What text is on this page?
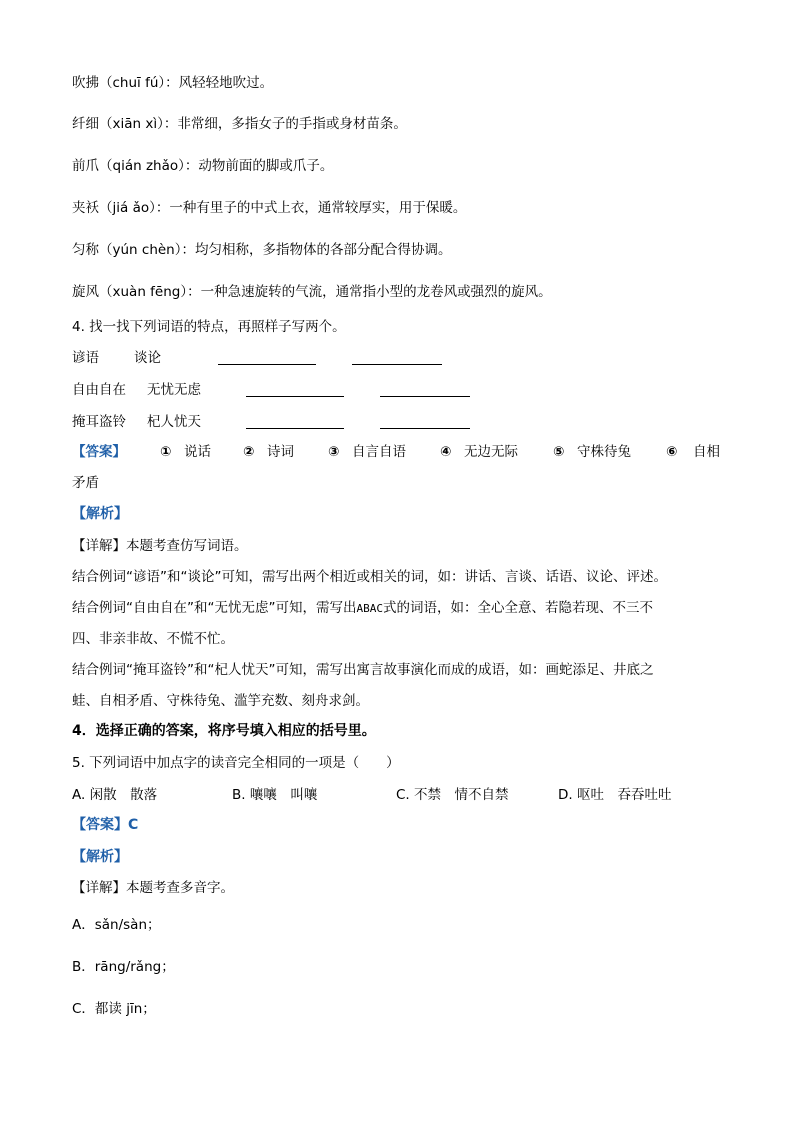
吹拂（chuī fú）：风轻轻地吹过。
纤细（xiān xì）：非常细，多指女子的手指或身材苗条。
前爪（qián zhǎo）：动物前面的脚或爪子。
夹袄（jiá ǎo）：一种有里子的中式上衣，通常较厚实，用于保暖。
匀称（yún chèn）：均匀相称，多指物体的各部分配合得协调。
旋风（xuàn fēng）：一种急速旋转的气流，通常指小型的龙卷风或强烈的旋风。
4. 找一找下列词语的特点，再照样子写两个。
谚语	谈论
自由自在 无忧无虑
掩耳盗铃 杞人忧天
【答案】	① 说话 ② 诗词	③ 自言自语	④ 无边无际	⑤ 守株待兔	⑥ 自相
矛盾
【解析】
【详解】本题考查仿写词语。
结合例词“谚语”和“谈论”可知，需写出两个相近或相关的词，如：讲话、言谈、话语、议论、评述。
结合例词“自由自在”和“无忧无虑”可知，需写出ABAC式的词语，如：全心全意、若隐若现、不三不
四、非亲非故、不慌不忙。
结合例词“掩耳盗铃”和“杞人忧天”可知，需写出寓言故事演化而成的成语，如：画蛇添足、井底之
蛙、自相矛盾、守株待兔、滥竽充数、刻舟求剑。
4．选择正确的答案，将序号填入相应的括号里。
5. 下列词语中加点字的读音完全相同的一项是（　　）
A. 闲散　散落	B. 嚷嚷　叫嚷	C. 不禁　情不自禁	D. 呕吐　吞吞吐吐
【答案】C
【解析】
【详解】本题考查多音字。
A．sǎn/sàn；
B．rāng/rǎng；
C．都读 jīn；
